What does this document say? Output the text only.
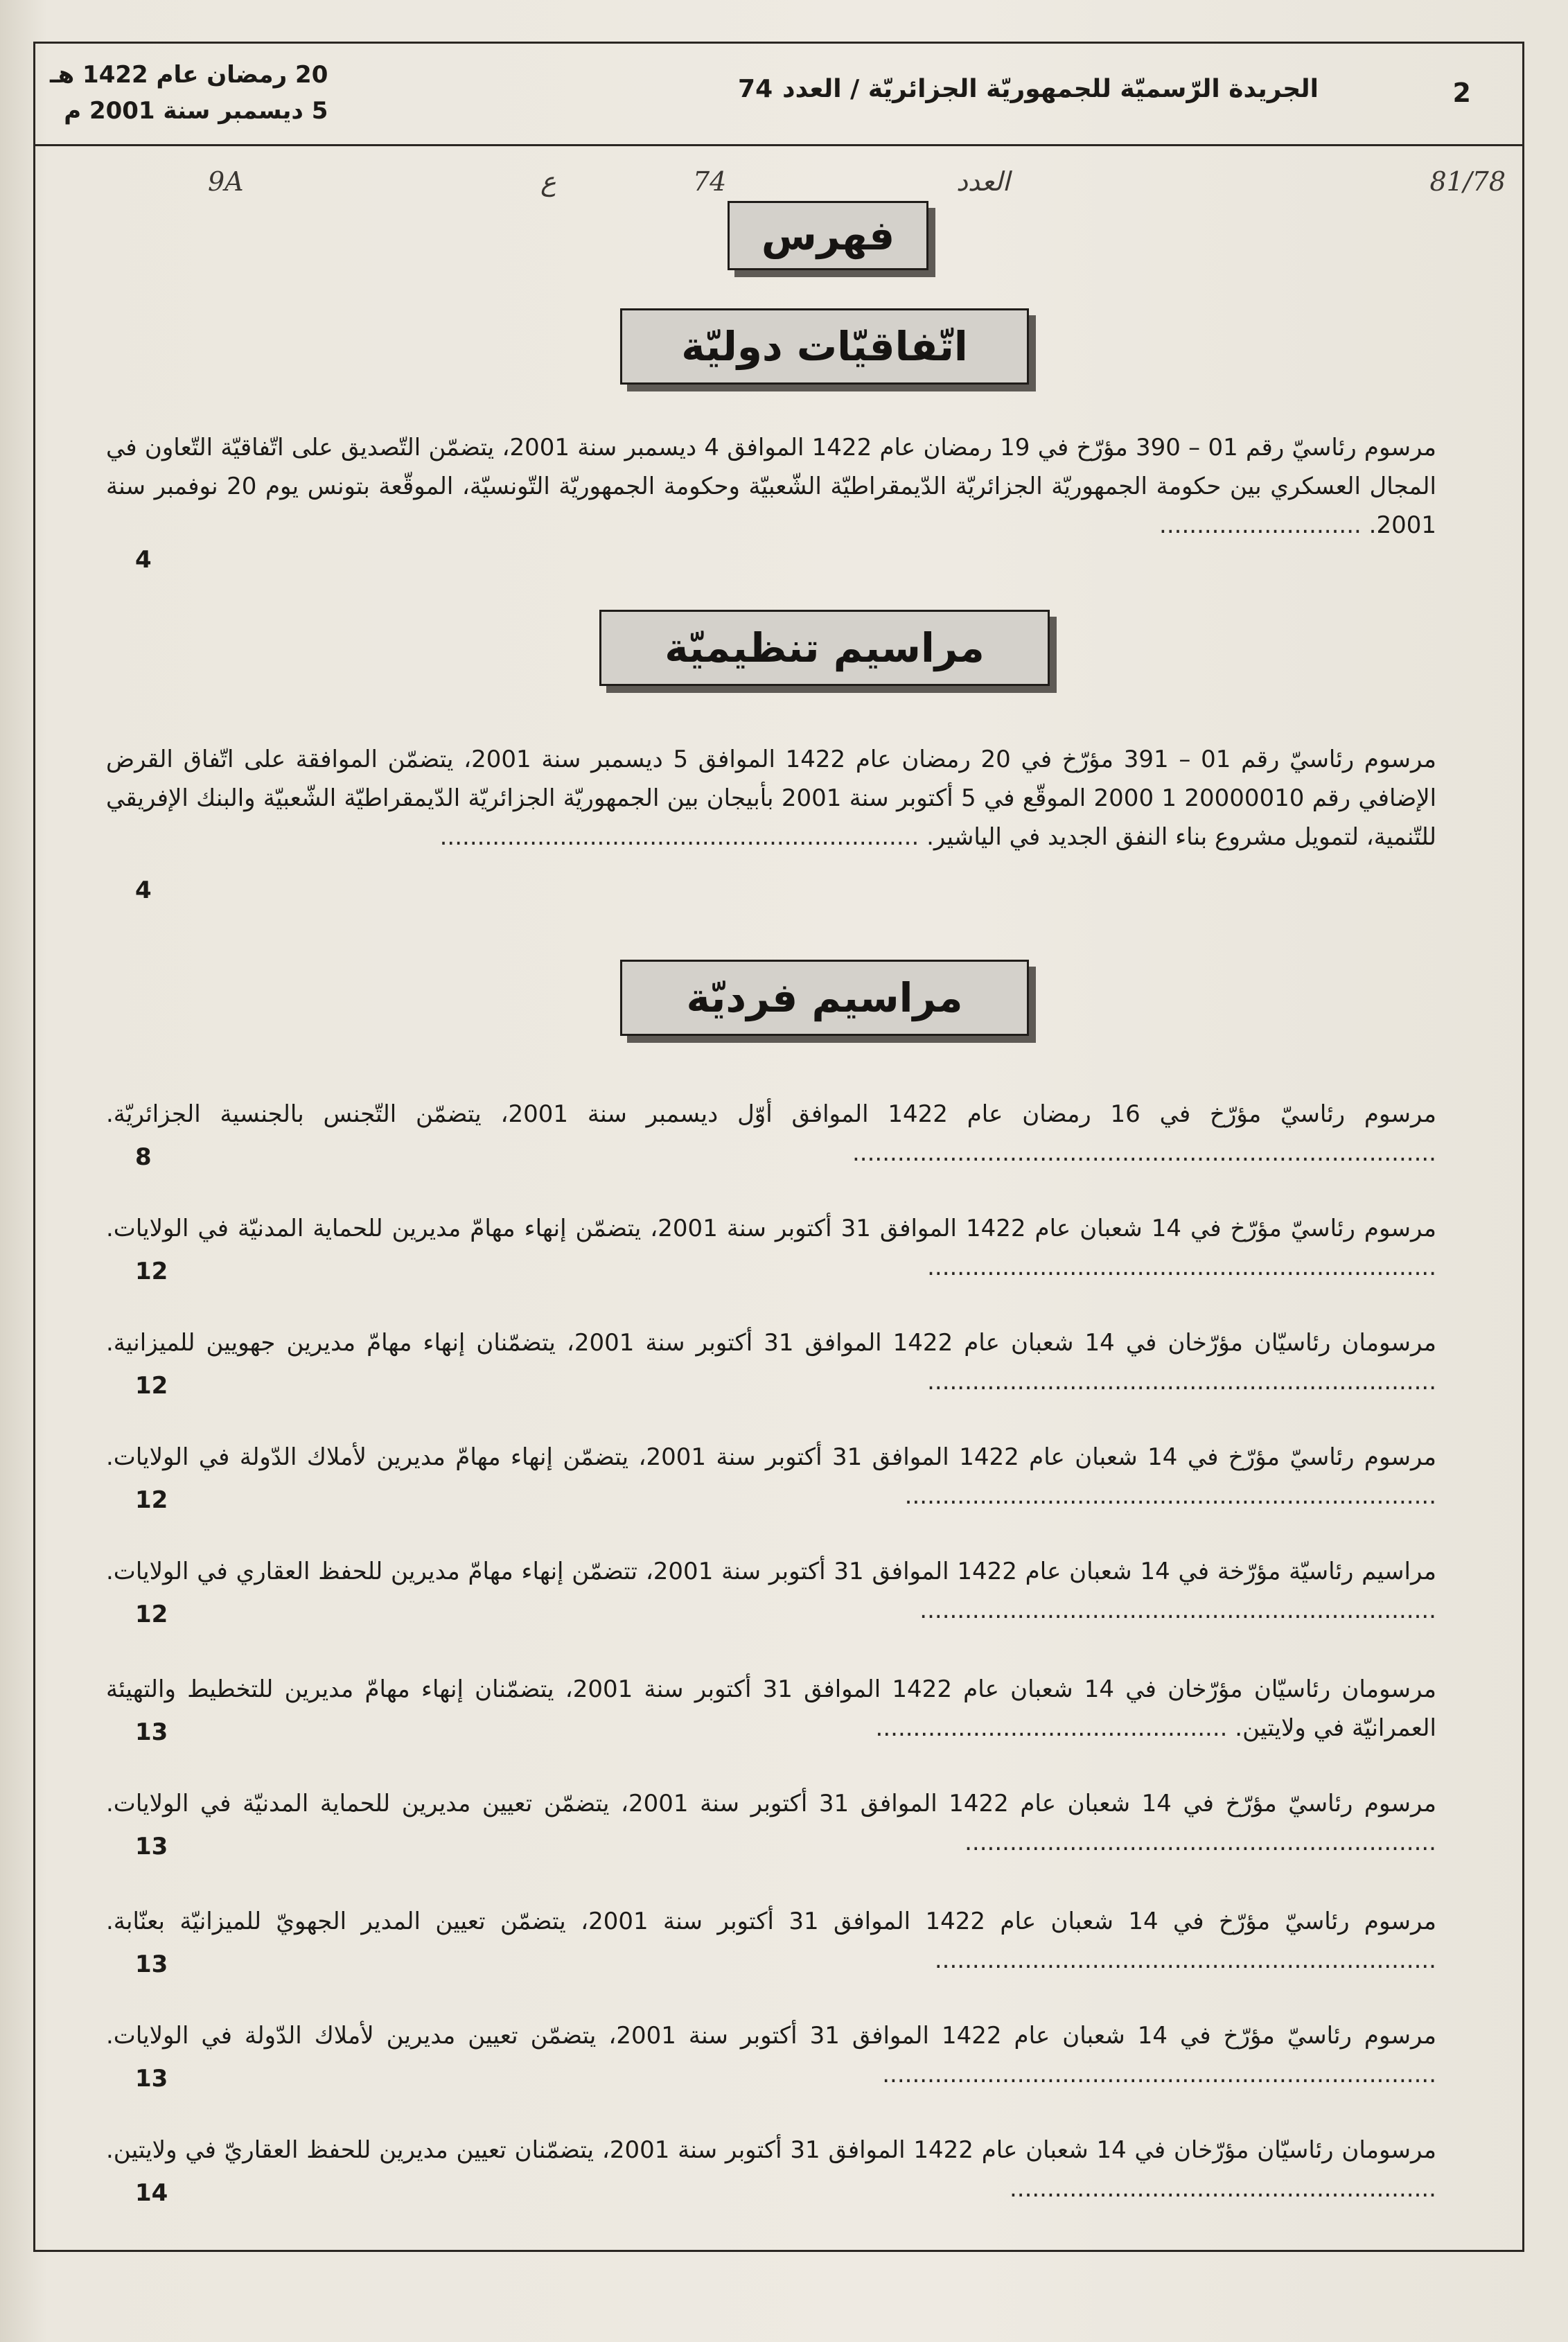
2
الجريدة الرّسميّة للجمهوريّة الجزائريّة / العدد74
20 رمضان عام 1422 هـ
5 ديسمبر سنة 2001 م
81/78
العدد
74
ع
9A
فهرس
اتّفاقيّات دوليّة
مرسوم رئاسيّ رقم 01 – 390 مؤرّخ في 19 رمضان عام 1422 الموافق 4 ديسمبر سنة 2001، يتضمّن التّصديق على اتّفاقيّة التّعاون في المجال العسكري بين حكومة الجمهوريّة الجزائريّة الدّيمقراطيّة الشّعبيّة وحكومة الجمهوريّة التّونسيّة، الموقّعة بتونس يوم 20 نوفمبر سنة 2001. ...........................
4
مراسيم تنظيميّة
مرسوم رئاسيّ رقم 01 – 391 مؤرّخ في 20 رمضان عام 1422 الموافق 5 ديسمبر سنة 2001، يتضمّن الموافقة على اتّفاق القرض الإضافي رقم 20000010 1 2000 الموقّع في 5 أكتوبر سنة 2001 بأبيجان بين الجمهوريّة الجزائريّة الدّيمقراطيّة الشّعبيّة والبنك الإفريقي للتّنمية، لتمويل مشروع بناء النفق الجديد في الياشير. ................................................................
4
مراسيم فرديّة
مرسوم رئاسيّ مؤرّخ في 16 رمضان عام 1422 الموافق أوّل ديسمبر سنة 2001، يتضمّن التّجنس بالجنسية الجزائريّة. ..............................................................................
8
مرسوم رئاسيّ مؤرّخ في 14 شعبان عام 1422 الموافق 31 أكتوبر سنة 2001، يتضمّن إنهاء مهامّ مديرين للحماية المدنيّة في الولايات. ....................................................................
12
مرسومان رئاسيّان مؤرّخان في 14 شعبان عام 1422 الموافق 31 أكتوبر سنة 2001، يتضمّنان إنهاء مهامّ مديرين جهويين للميزانية. ....................................................................
12
مرسوم رئاسيّ مؤرّخ في 14 شعبان عام 1422 الموافق 31 أكتوبر سنة 2001، يتضمّن إنهاء مهامّ مديرين لأملاك الدّولة في الولايات. .......................................................................
12
مراسيم رئاسيّة مؤرّخة في 14 شعبان عام 1422 الموافق 31 أكتوبر سنة 2001، تتضمّن إنهاء مهامّ مديرين للحفظ العقاري في الولايات. .....................................................................
12
مرسومان رئاسيّان مؤرّخان في 14 شعبان عام 1422 الموافق 31 أكتوبر سنة 2001، يتضمّنان إنهاء مهامّ مديرين للتخطيط والتهيئة العمرانيّة في ولايتين. ...............................................
13
مرسوم رئاسيّ مؤرّخ في 14 شعبان عام 1422 الموافق 31 أكتوبر سنة 2001، يتضمّن تعيين مديرين للحماية المدنيّة في الولايات. ...............................................................
13
مرسوم رئاسيّ مؤرّخ في 14 شعبان عام 1422 الموافق 31 أكتوبر سنة 2001، يتضمّن تعيين المدير الجهويّ للميزانيّة بعنّابة. ...................................................................
13
مرسوم رئاسيّ مؤرّخ في 14 شعبان عام 1422 الموافق 31 أكتوبر سنة 2001، يتضمّن تعيين مديرين لأملاك الدّولة في الولايات. ..........................................................................
13
مرسومان رئاسيّان مؤرّخان في 14 شعبان عام 1422 الموافق 31 أكتوبر سنة 2001، يتضمّنان تعيين مديرين للحفظ العقاريّ في ولايتين. .........................................................
14
